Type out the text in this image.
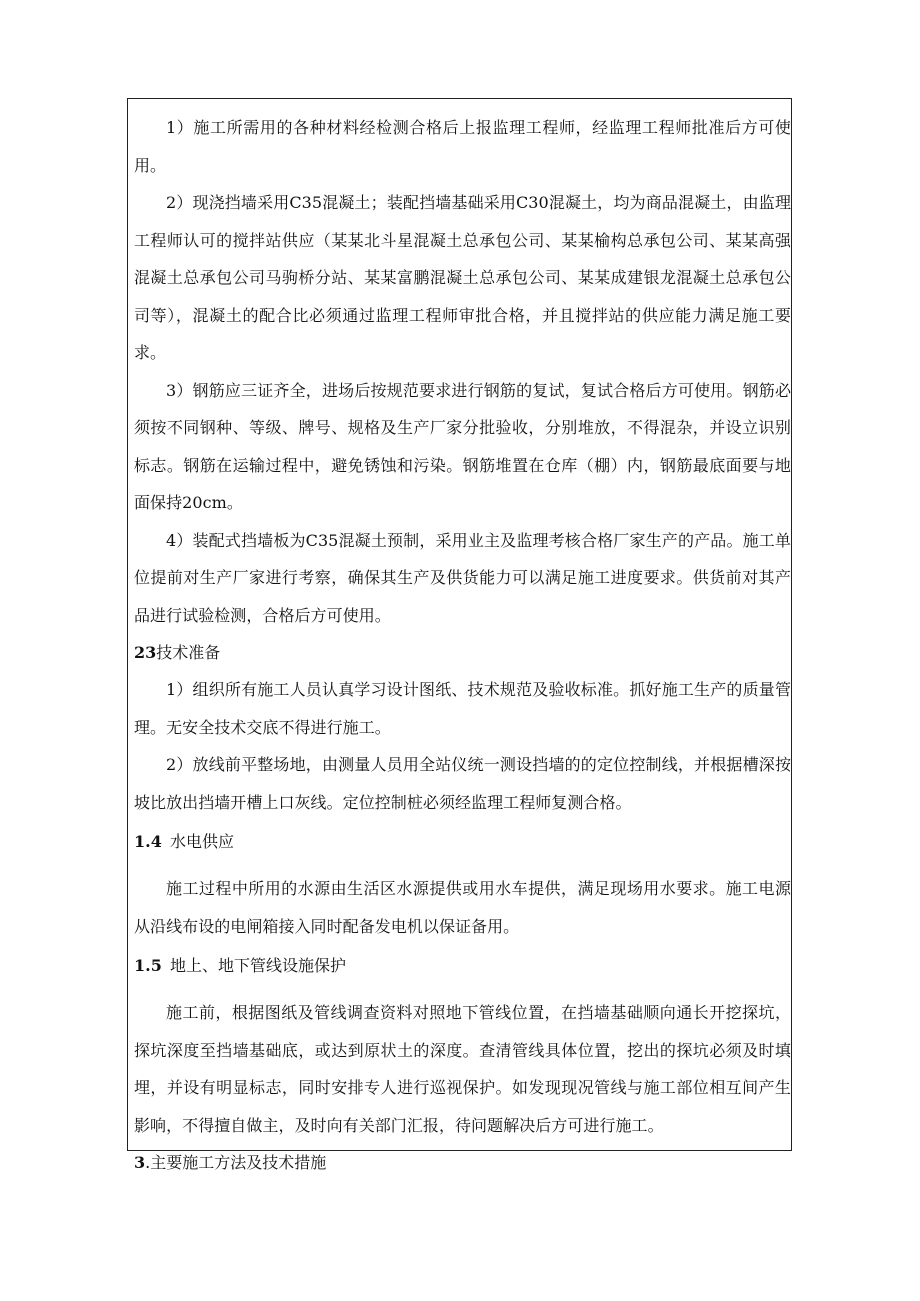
1）施工所需用的各种材料经检测合格后上报监理工程师，经监理工程师批准后方可使用。

2）现浇挡墙采用C35混凝土；装配挡墙基础采用C30混凝土，均为商品混凝土，由监理工程师认可的搅拌站供应（某某北斗星混凝土总承包公司、某某榆构总承包公司、某某高强混凝土总承包公司马驹桥分站、某某富鹏混凝土总承包公司、某某成建银龙混凝土总承包公司等），混凝土的配合比必须通过监理工程师审批合格，并且搅拌站的供应能力满足施工要求。

3）钢筋应三证齐全，进场后按规范要求进行钢筋的复试，复试合格后方可使用。钢筋必须按不同钢种、等级、牌号、规格及生产厂家分批验收，分别堆放，不得混杂，并设立识别标志。钢筋在运输过程中，避免锈蚀和污染。钢筋堆置在仓库（棚）内，钢筋最底面要与地面保持20cm。

4）装配式挡墙板为C35混凝土预制，采用业主及监理考核合格厂家生产的产品。施工单位提前对生产厂家进行考察，确保其生产及供货能力可以满足施工进度要求。供货前对其产品进行试验检测，合格后方可使用。

23技术准备

1）组织所有施工人员认真学习设计图纸、技术规范及验收标准。抓好施工生产的质量管理。无安全技术交底不得进行施工。

2）放线前平整场地，由测量人员用全站仪统一测设挡墙的的定位控制线，并根据槽深按坡比放出挡墙开槽上口灰线。定位控制桩必须经监理工程师复测合格。

1.4 水电供应

施工过程中所用的水源由生活区水源提供或用水车提供，满足现场用水要求。施工电源从沿线布设的电闸箱接入同时配备发电机以保证备用。

1.5 地上、地下管线设施保护

施工前，根据图纸及管线调查资料对照地下管线位置，在挡墙基础顺向通长开挖探坑，探坑深度至挡墙基础底，或达到原状土的深度。查清管线具体位置，挖出的探坑必须及时填埋，并设有明显标志，同时安排专人进行巡视保护。如发现现况管线与施工部位相互间产生影响，不得擅自做主，及时向有关部门汇报，待问题解决后方可进行施工。

3.主要施工方法及技术措施
